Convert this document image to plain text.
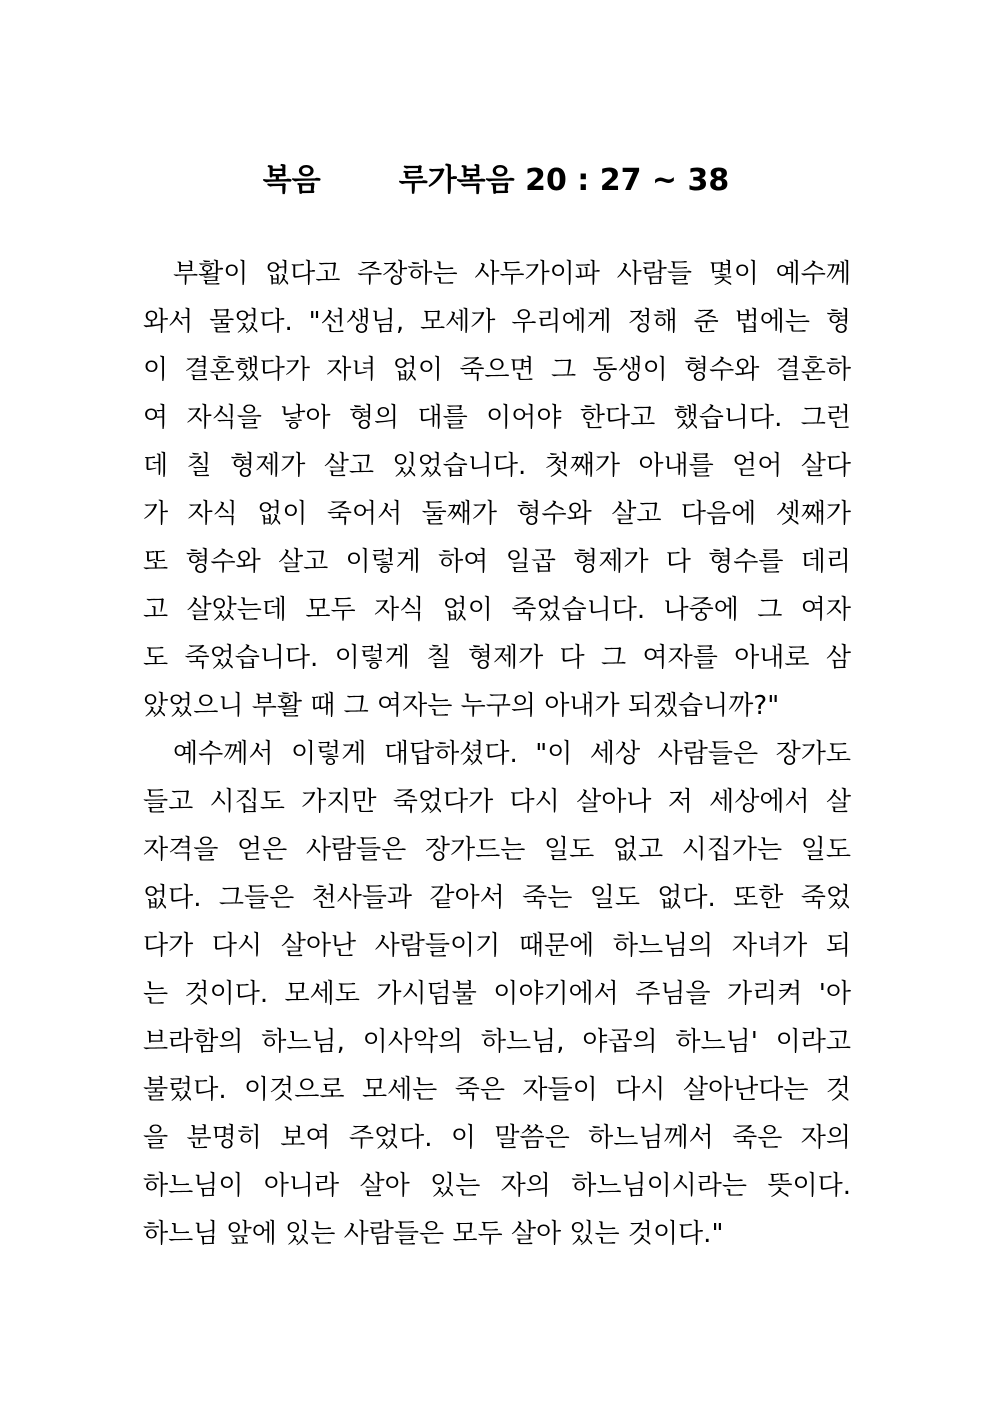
복음	루가복음 20 : 27 ~ 38
부활이 없다고 주장하는 사두가이파 사람들 몇이 예수께
와서 물었다. "선생님, 모세가 우리에게 정해 준 법에는 형
이 결혼했다가 자녀 없이 죽으면 그 동생이 형수와 결혼하
여 자식을 낳아 형의 대를 이어야 한다고 했습니다. 그런
데 칠 형제가 살고 있었습니다. 첫째가 아내를 얻어 살다
가 자식 없이 죽어서 둘째가 형수와 살고 다음에 셋째가
또 형수와 살고 이렇게 하여 일곱 형제가 다 형수를 데리
고 살았는데 모두 자식 없이 죽었습니다. 나중에 그 여자
도 죽었습니다. 이렇게 칠 형제가 다 그 여자를 아내로 삼
았었으니 부활 때 그 여자는 누구의 아내가 되겠습니까?"
예수께서 이렇게 대답하셨다. "이 세상 사람들은 장가도
들고 시집도 가지만 죽었다가 다시 살아나 저 세상에서 살
자격을 얻은 사람들은 장가드는 일도 없고 시집가는 일도
없다. 그들은 천사들과 같아서 죽는 일도 없다. 또한 죽었
다가 다시 살아난 사람들이기 때문에 하느님의 자녀가 되
는 것이다. 모세도 가시덤불 이야기에서 주님을 가리켜 '아
브라함의 하느님, 이사악의 하느님, 야곱의 하느님' 이라고
불렀다. 이것으로 모세는 죽은 자들이 다시 살아난다는 것
을 분명히 보여 주었다. 이 말씀은 하느님께서 죽은 자의
하느님이 아니라 살아 있는 자의 하느님이시라는 뜻이다.
하느님 앞에 있는 사람들은 모두 살아 있는 것이다."
